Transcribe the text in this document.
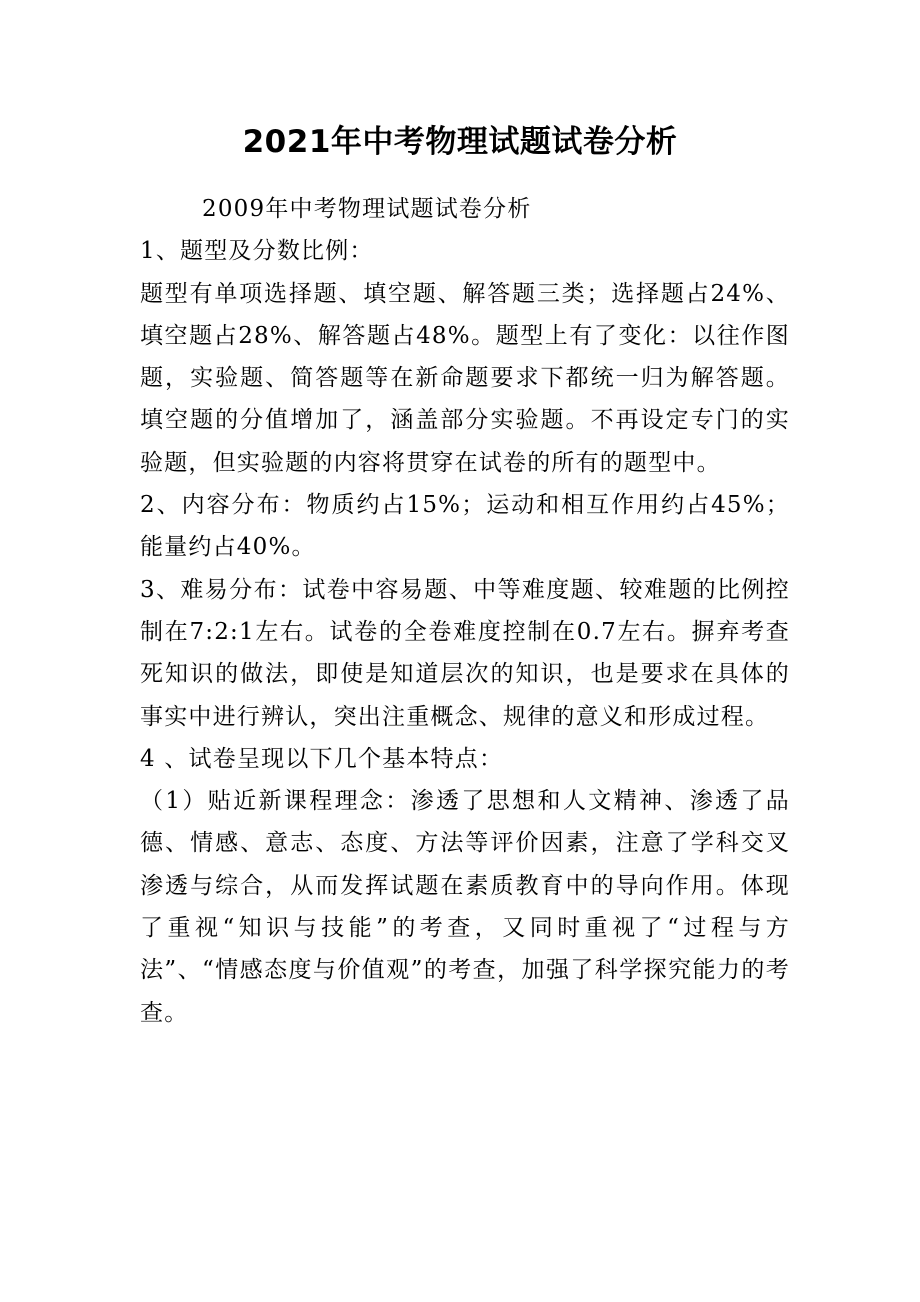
2021年中考物理试题试卷分析

2009年中考物理试题试卷分析

1、题型及分数比例：

题型有单项选择题、填空题、解答题三类；选择题占24%、填空题占28%、解答题占48%。题型上有了变化：以往作图题，实验题、简答题等在新命题要求下都统一归为解答题。填空题的分值增加了，涵盖部分实验题。不再设定专门的实验题，但实验题的内容将贯穿在试卷的所有的题型中。

2、内容分布：物质约占15%；运动和相互作用约占45%；能量约占40%。

3、难易分布：试卷中容易题、中等难度题、较难题的比例控制在7:2:1左右。试卷的全卷难度控制在0.7左右。摒弃考查死知识的做法，即使是知道层次的知识，也是要求在具体的事实中进行辨认，突出注重概念、规律的意义和形成过程。

4 、试卷呈现以下几个基本特点：

（1）贴近新课程理念：渗透了思想和人文精神、渗透了品德、情感、意志、态度、方法等评价因素，注意了学科交叉渗透与综合，从而发挥试题在素质教育中的导向作用。体现了重视“知识与技能”的考查，又同时重视了“过程与方法”、“情感态度与价值观”的考查，加强了科学探究能力的考查。
